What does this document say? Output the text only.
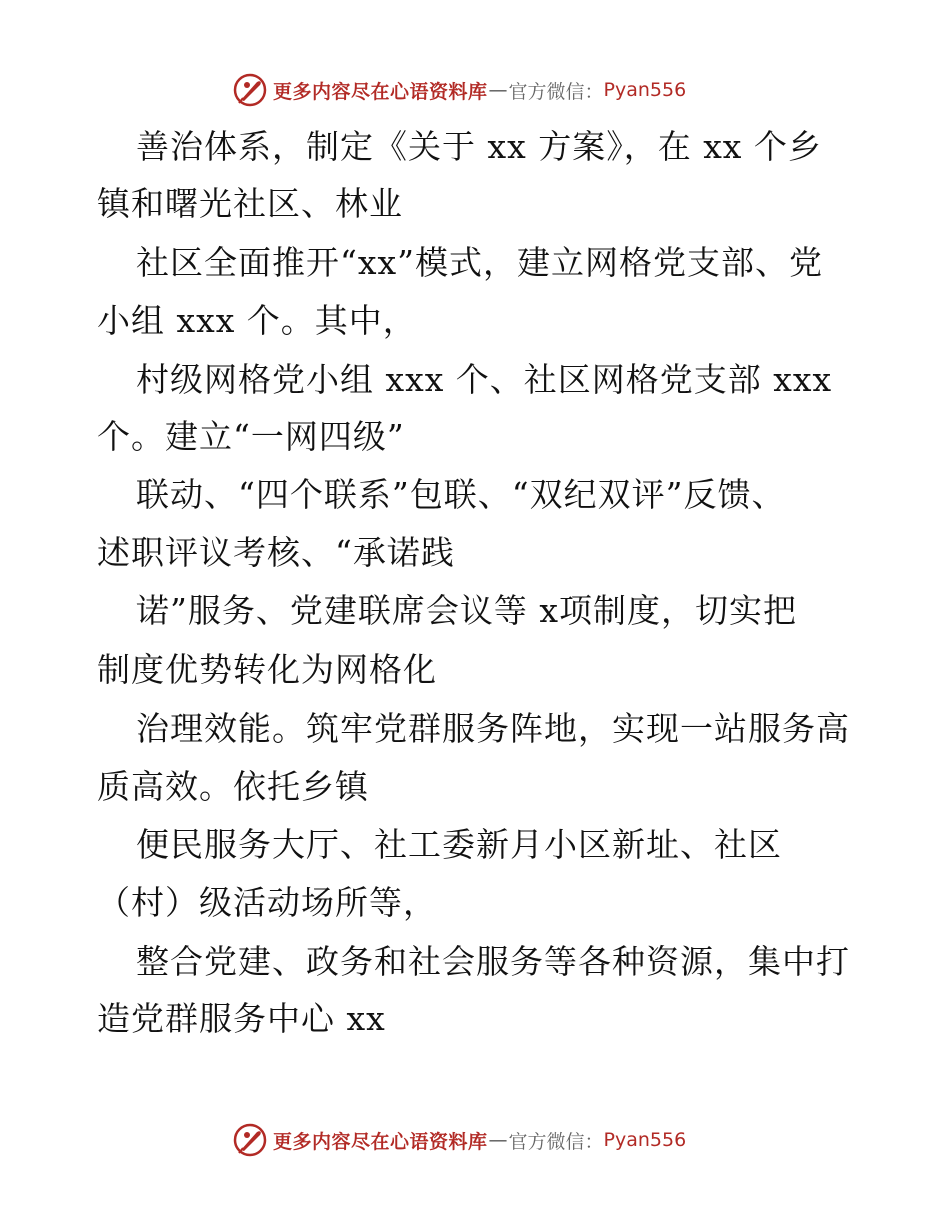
更多内容尽在心语资料库 — 官方微信： Pyan556
善治体系，制定《关于 xx 方案》，在 xx 个乡
镇和曙光社区、林业
社区全面推开“xx”模式，建立网格党支部、党
小组 xxx 个。其中，
村级网格党小组 xxx 个、社区网格党支部 xxx
个。建立“一网四级”
联动、“四个联系”包联、“双纪双评”反馈、
述职评议考核、“承诺践
诺”服务、党建联席会议等 x项制度，切实把
制度优势转化为网格化
治理效能。筑牢党群服务阵地，实现一站服务高
质高效。依托乡镇
便民服务大厅、社工委新月小区新址、社区
（村）级活动场所等，
整合党建、政务和社会服务等各种资源，集中打
造党群服务中心 xx
更多内容尽在心语资料库 — 官方微信： Pyan556
